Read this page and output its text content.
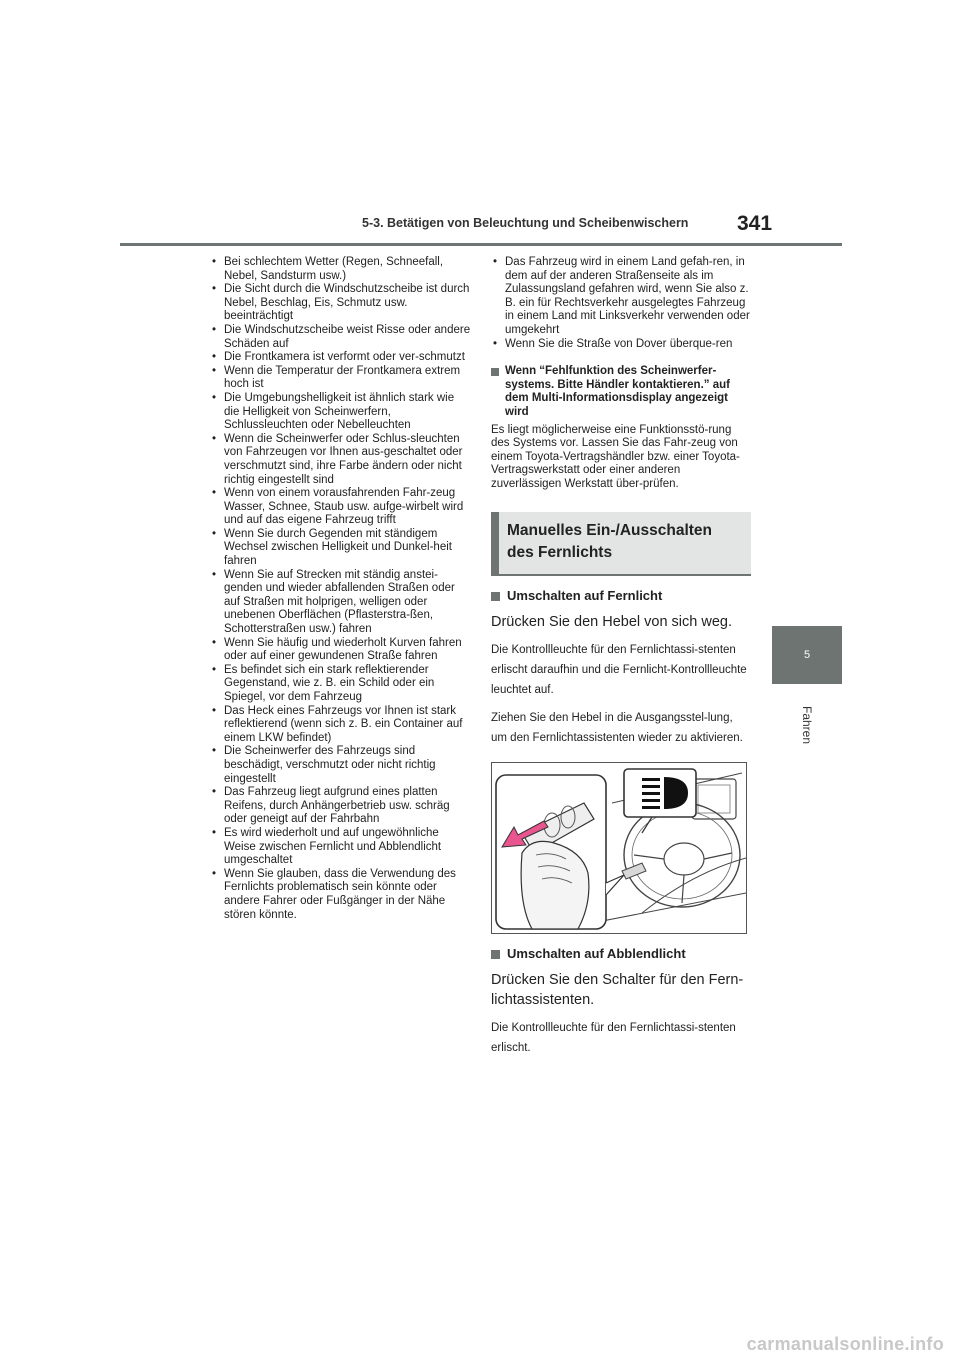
5-3. Betätigen von Beleuchtung und Scheibenwischern 341
5
Fahren
• Bei schlechtem Wetter (Regen, Schneefall, Nebel, Sandsturm usw.)
• Die Sicht durch die Windschutzscheibe ist durch Nebel, Beschlag, Eis, Schmutz usw. beeinträchtigt
• Die Windschutzscheibe weist Risse oder andere Schäden auf
• Die Frontkamera ist verformt oder ver-schmutzt
• Wenn die Temperatur der Frontkamera extrem hoch ist
• Die Umgebungshelligkeit ist ähnlich stark wie die Helligkeit von Scheinwerfern, Schlussleuchten oder Nebelleuchten
• Wenn die Scheinwerfer oder Schlus-sleuchten von Fahrzeugen vor Ihnen aus-geschaltet oder verschmutzt sind, ihre Farbe ändern oder nicht richtig eingestellt sind
• Wenn von einem vorausfahrenden Fahr-zeug Wasser, Schnee, Staub usw. aufge-wirbelt wird und auf das eigene Fahrzeug trifft
• Wenn Sie durch Gegenden mit ständigem Wechsel zwischen Helligkeit und Dunkel-heit fahren
• Wenn Sie auf Strecken mit ständig anstei-genden und wieder abfallenden Straßen oder auf Straßen mit holprigen, welligen oder unebenen Oberflächen (Pflasterstra-ßen, Schotterstraßen usw.) fahren
• Wenn Sie häufig und wiederholt Kurven fahren oder auf einer gewundenen Straße fahren
• Es befindet sich ein stark reflektierender Gegenstand, wie z. B. ein Schild oder ein Spiegel, vor dem Fahrzeug
• Das Heck eines Fahrzeugs vor Ihnen ist stark reflektierend (wenn sich z. B. ein Container auf einem LKW befindet)
• Die Scheinwerfer des Fahrzeugs sind beschädigt, verschmutzt oder nicht richtig eingestellt
• Das Fahrzeug liegt aufgrund eines platten Reifens, durch Anhängerbetrieb usw. schräg oder geneigt auf der Fahrbahn
• Es wird wiederholt und auf ungewöhnliche Weise zwischen Fernlicht und Abblendlicht umgeschaltet
• Wenn Sie glauben, dass die Verwendung des Fernlichts problematisch sein könnte oder andere Fahrer oder Fußgänger in der Nähe stören könnte.
• Das Fahrzeug wird in einem Land gefah-ren, in dem auf der anderen Straßenseite als im Zulassungsland gefahren wird, wenn Sie also z. B. ein für Rechtsverkehr ausgelegtes Fahrzeug in einem Land mit Linksverkehr verwenden oder umgekehrt
• Wenn Sie die Straße von Dover überque-ren
Wenn “Fehlfunktion des Scheinwerfer-systems. Bitte Händler kontaktieren.” auf dem Multi-Informationsdisplay angezeigt wird
Es liegt möglicherweise eine Funktionsstö-rung des Systems vor. Lassen Sie das Fahr-zeug von einem Toyota-Vertragshändler bzw. einer Toyota-Vertragswerkstatt oder einer anderen zuverlässigen Werkstatt über-prüfen.
Manuelles Ein-/Ausschalten des Fernlichts
Umschalten auf Fernlicht
Drücken Sie den Hebel von sich weg.
Die Kontrollleuchte für den Fernlichtassi-stenten erlischt daraufhin und die Fernlicht-Kontrollleuchte leuchtet auf.
Ziehen Sie den Hebel in die Ausgangsstel-lung, um den Fernlichtassistenten wieder zu aktivieren.
Umschalten auf Abblendlicht
Drücken Sie den Schalter für den Fern-lichtassistenten.
Die Kontrollleuchte für den Fernlichtassi-stenten erlischt.
carmanualsonline.info
